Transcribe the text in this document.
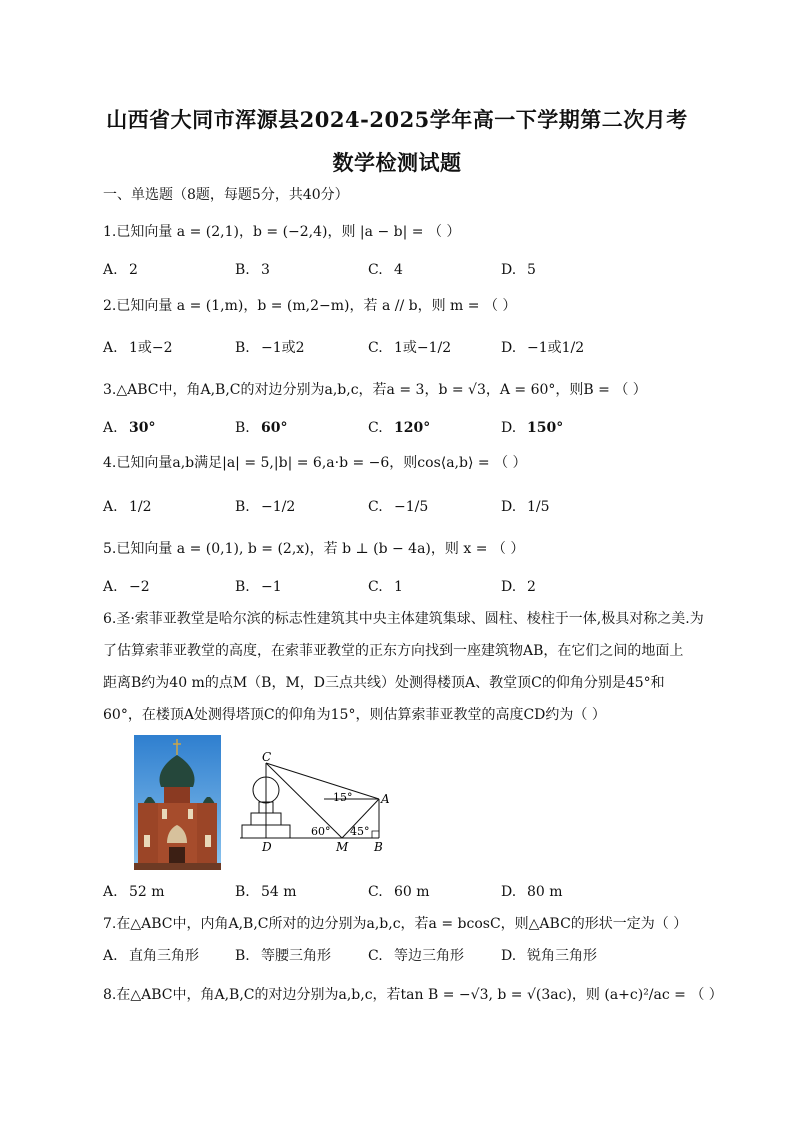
山西省大同市浑源县2024-2025学年高一下学期第二次月考
数学检测试题
一、单选题（8题，每题5分，共40分）
1.已知向量 a = (2,1)，b = (−2,4)，则 |a − b| = （ ）
A. 2	B. 3	C. 4	D. 5
2.已知向量 a = (1,m)，b = (m,2−m)，若 a // b，则 m = （ ）
A. 1或−2	B. −1或2	C. 1或−1/2	D. −1或1/2
3.△ABC中，角A,B,C的对边分别为a,b,c，若a = 3，b = √3，A = 60°，则B = （ ）
A. 30°	B. 60°	C. 120°	D. 150°
4.已知向量a,b满足|a| = 5,|b| = 6,a·b = −6，则cos⟨a,b⟩ = （ ）
A. 1/2	B. −1/2	C. −1/5	D. 1/5
5.已知向量 a = (0,1), b = (2,x)，若 b ⊥ (b − 4a)，则 x = （ ）
A. −2	B. −1	C. 1	D. 2
6.圣·索菲亚教堂是哈尔滨的标志性建筑其中央主体建筑集球、圆柱、棱柱于一体,极具对称之美.为
了估算索菲亚教堂的高度，在索菲亚教堂的正东方向找到一座建筑物AB，在它们之间的地面上
距离B约为40 m的点M（B，M，D三点共线）处测得楼顶A、教堂顶C的仰角分别是45°和
60°，在楼顶A处测得塔顶C的仰角为15°，则估算索菲亚教堂的高度CD约为（ ）
C
A
D	M B
15°
60° 45°
A. 52 m	B. 54 m	C. 60 m	D. 80 m
7.在△ABC中，内角A,B,C所对的边分别为a,b,c，若a = bcosC，则△ABC的形状一定为（ ）
A. 直角三角形	B. 等腰三角形	C. 等边三角形	D. 锐角三角形
8.在△ABC中，角A,B,C的对边分别为a,b,c，若tan B = −√3, b = √(3ac)，则 (a+c)²/ac = （ ）
